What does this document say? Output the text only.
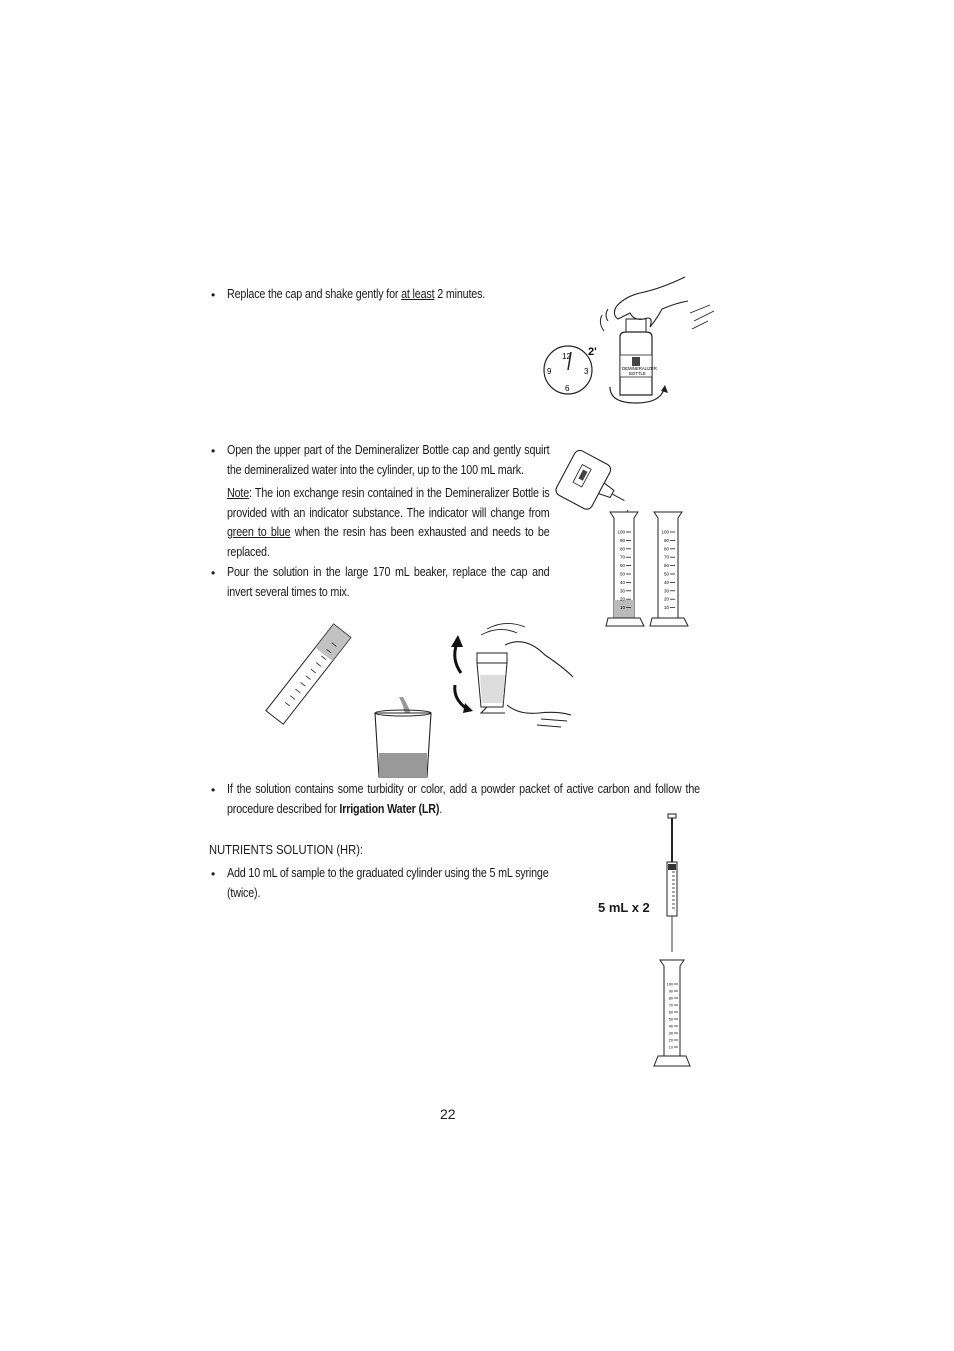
• Replace the cap and shake gently for at least 2 minutes.
12
3
6
9
2'
DEMINERALIZER
BOTTLE
• Open the upper part of the Demineralizer Bottle cap and gently squirt the demineralized water into the cylinder, up to the 100 mL mark.
Note: The ion exchange resin contained in the Demineralizer Bottle is provided with an indicator substance. The indicator will change from green to blue when the resin has been exhausted and needs to be replaced.
• Pour the solution in the large 170 mL beaker, replace the cap and invert several times to mix.
100
90
80
70
60
50
40
30
20
10
100
90
80
70
60
50
40
30
20
10
• If the solution contains some turbidity or color, add a powder packet of active carbon and follow the procedure described for Irrigation Water (LR).
NUTRIENTS SOLUTION (HR):
• Add 10 mL of sample to the graduated cylinder using the 5 mL syringe (twice).
5 mL x 2
100
90
80
70
60
50
40
30
20
10
22
